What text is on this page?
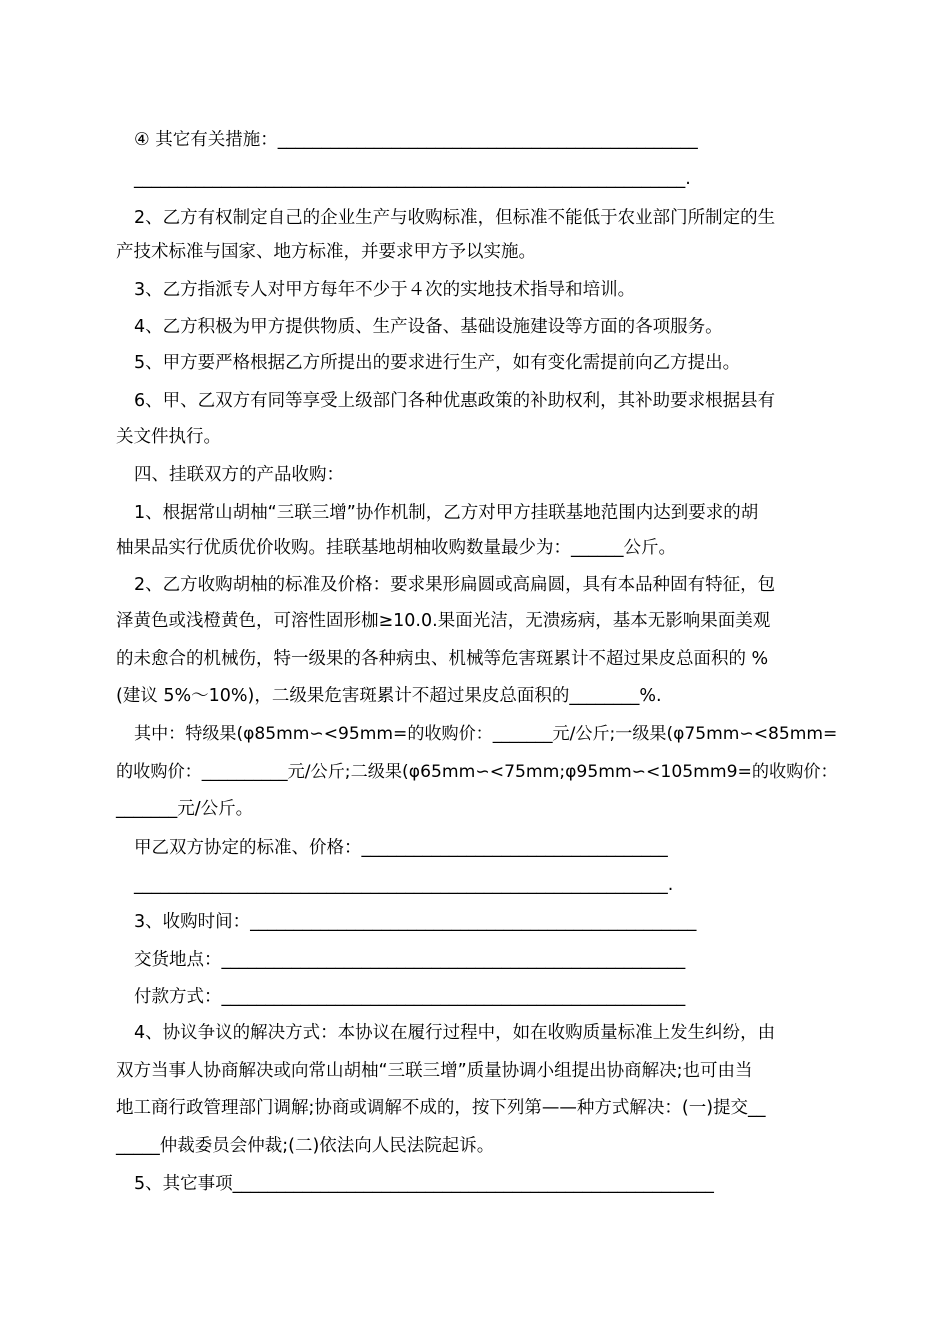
④ 其它有关措施：________________________________________________
_______________________________________________________________.
2、乙方有权制定自己的企业生产与收购标准，但标准不能低于农业部门所制定的生
产技术标准与国家、地方标准，并要求甲方予以实施。
3、乙方指派专人对甲方每年不少于４次的实地技术指导和培训。
4、乙方积极为甲方提供物质、生产设备、基础设施建设等方面的各项服务。
5、甲方要严格根据乙方所提出的要求进行生产，如有变化需提前向乙方提出。
6、甲、乙双方有同等享受上级部门各种优惠政策的补助权利，其补助要求根据县有
关文件执行。
四、挂联双方的产品收购：
1、根据常山胡柚“三联三增”协作机制，乙方对甲方挂联基地范围内达到要求的胡
柚果品实行优质优价收购。挂联基地胡柚收购数量最少为：______公斤。
2、乙方收购胡柚的标准及价格：要求果形扁圆或高扁圆，具有本品种固有特征，包
泽黄色或浅橙黄色，可溶性固形枷≥10.0.果面光洁，无溃疡病，基本无影响果面美观
的未愈合的机械伤，特一级果的各种病虫、机械等危害斑累计不超过果皮总面积的 %
(建议 5%～10%)，二级果危害斑累计不超过果皮总面积的________%.
其中：特级果(φ85mm∽<95mm=的收购价：_______元/公斤;一级果(φ75mm∽<85mm=
的收购价：__________元/公斤;二级果(φ65mm∽<75mm;φ95mm∽<105mm9=的收购价：
_______元/公斤。
甲乙双方协定的标准、价格：___________________________________
_____________________________________________________________.
3、收购时间：___________________________________________________
交货地点：_____________________________________________________
付款方式：_____________________________________________________
4、协议争议的解决方式：本协议在履行过程中，如在收购质量标准上发生纠纷，由
双方当事人协商解决或向常山胡柚“三联三增”质量协调小组提出协商解决;也可由当
地工商行政管理部门调解;协商或调解不成的，按下列第——种方式解决：(一)提交__
_____仲裁委员会仲裁;(二)依法向人民法院起诉。
5、其它事项_______________________________________________________
